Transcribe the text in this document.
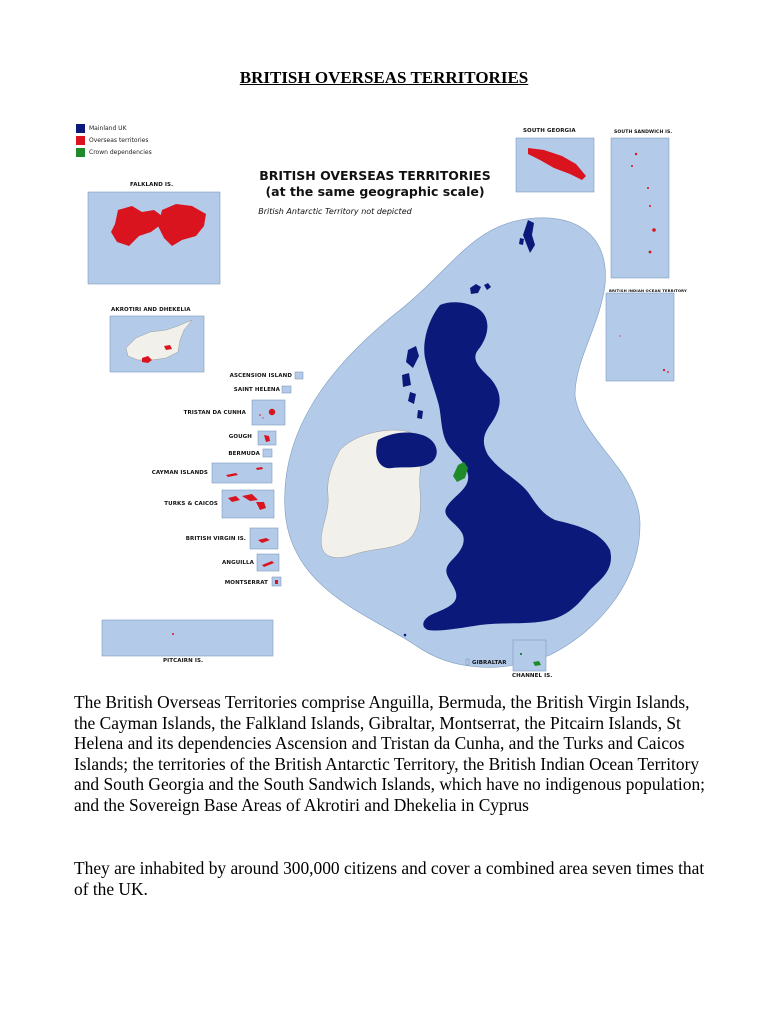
BRITISH OVERSEAS TERRITORIES
Mainland UK
Overseas territories
Crown dependencies
BRITISH OVERSEAS TERRITORIES
(at the same geographic scale)
British Antarctic Territory not depicted
FALKLAND IS.
SOUTH GEORGIA	SOUTH SANDWICH IS.
BRITISH INDIAN OCEAN TERRITORY
AKROTIRI AND DHEKELIA
ASCENSION ISLAND
SAINT HELENA
TRISTAN DA CUNHA
GOUGH
BERMUDA
CAYMAN ISLANDS
TURKS & CAICOS
BRITISH VIRGIN IS.
ANGUILLA
MONTSERRAT
PITCAIRN IS.	GIBRALTAR
CHANNEL IS.
The British Overseas Territories comprise Anguilla, Bermuda, the British Virgin Islands, the Cayman Islands, the Falkland Islands, Gibraltar, Montserrat, the Pitcairn Islands, St Helena and its dependencies Ascension and Tristan da Cunha, and the Turks and Caicos Islands; the territories of the British Antarctic Territory, the British Indian Ocean Territory and South Georgia and the South Sandwich Islands, which have no indigenous population; and the Sovereign Base Areas of Akrotiri and Dhekelia in Cyprus
They are inhabited by around 300,000 citizens and cover a combined area seven times that of the UK.
